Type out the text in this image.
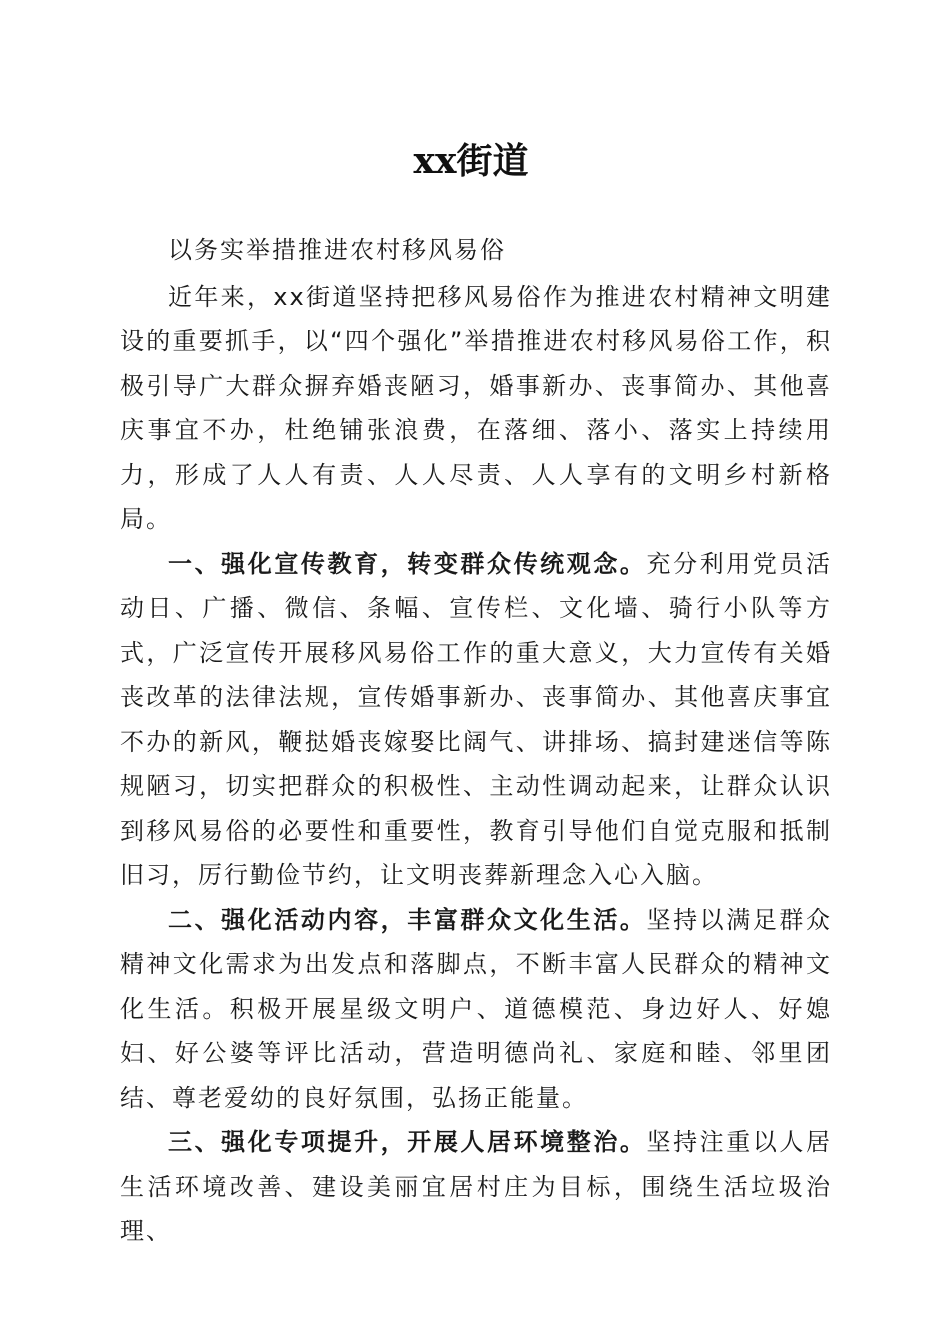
xx街道

以务实举措推进农村移风易俗

近年来，xx街道坚持把移风易俗作为推进农村精神文明建设的重要抓手，以“四个强化”举措推进农村移风易俗工作，积极引导广大群众摒弃婚丧陋习，婚事新办、丧事简办、其他喜庆事宜不办，杜绝铺张浪费，在落细、落小、落实上持续用力，形成了人人有责、人人尽责、人人享有的文明乡村新格局。

一、强化宣传教育，转变群众传统观念。充分利用党员活动日、广播、微信、条幅、宣传栏、文化墙、骑行小队等方式，广泛宣传开展移风易俗工作的重大意义，大力宣传有关婚丧改革的法律法规，宣传婚事新办、丧事简办、其他喜庆事宜不办的新风，鞭挞婚丧嫁娶比阔气、讲排场、搞封建迷信等陈规陋习，切实把群众的积极性、主动性调动起来，让群众认识到移风易俗的必要性和重要性，教育引导他们自觉克服和抵制旧习，厉行勤俭节约，让文明丧葬新理念入心入脑。

二、强化活动内容，丰富群众文化生活。坚持以满足群众精神文化需求为出发点和落脚点，不断丰富人民群众的精神文化生活。积极开展星级文明户、道德模范、身边好人、好媳妇、好公婆等评比活动，营造明德尚礼、家庭和睦、邻里团结、尊老爱幼的良好氛围，弘扬正能量。

三、强化专项提升，开展人居环境整治。坚持注重以人居生活环境改善、建设美丽宜居村庄为目标，围绕生活垃圾治理、
